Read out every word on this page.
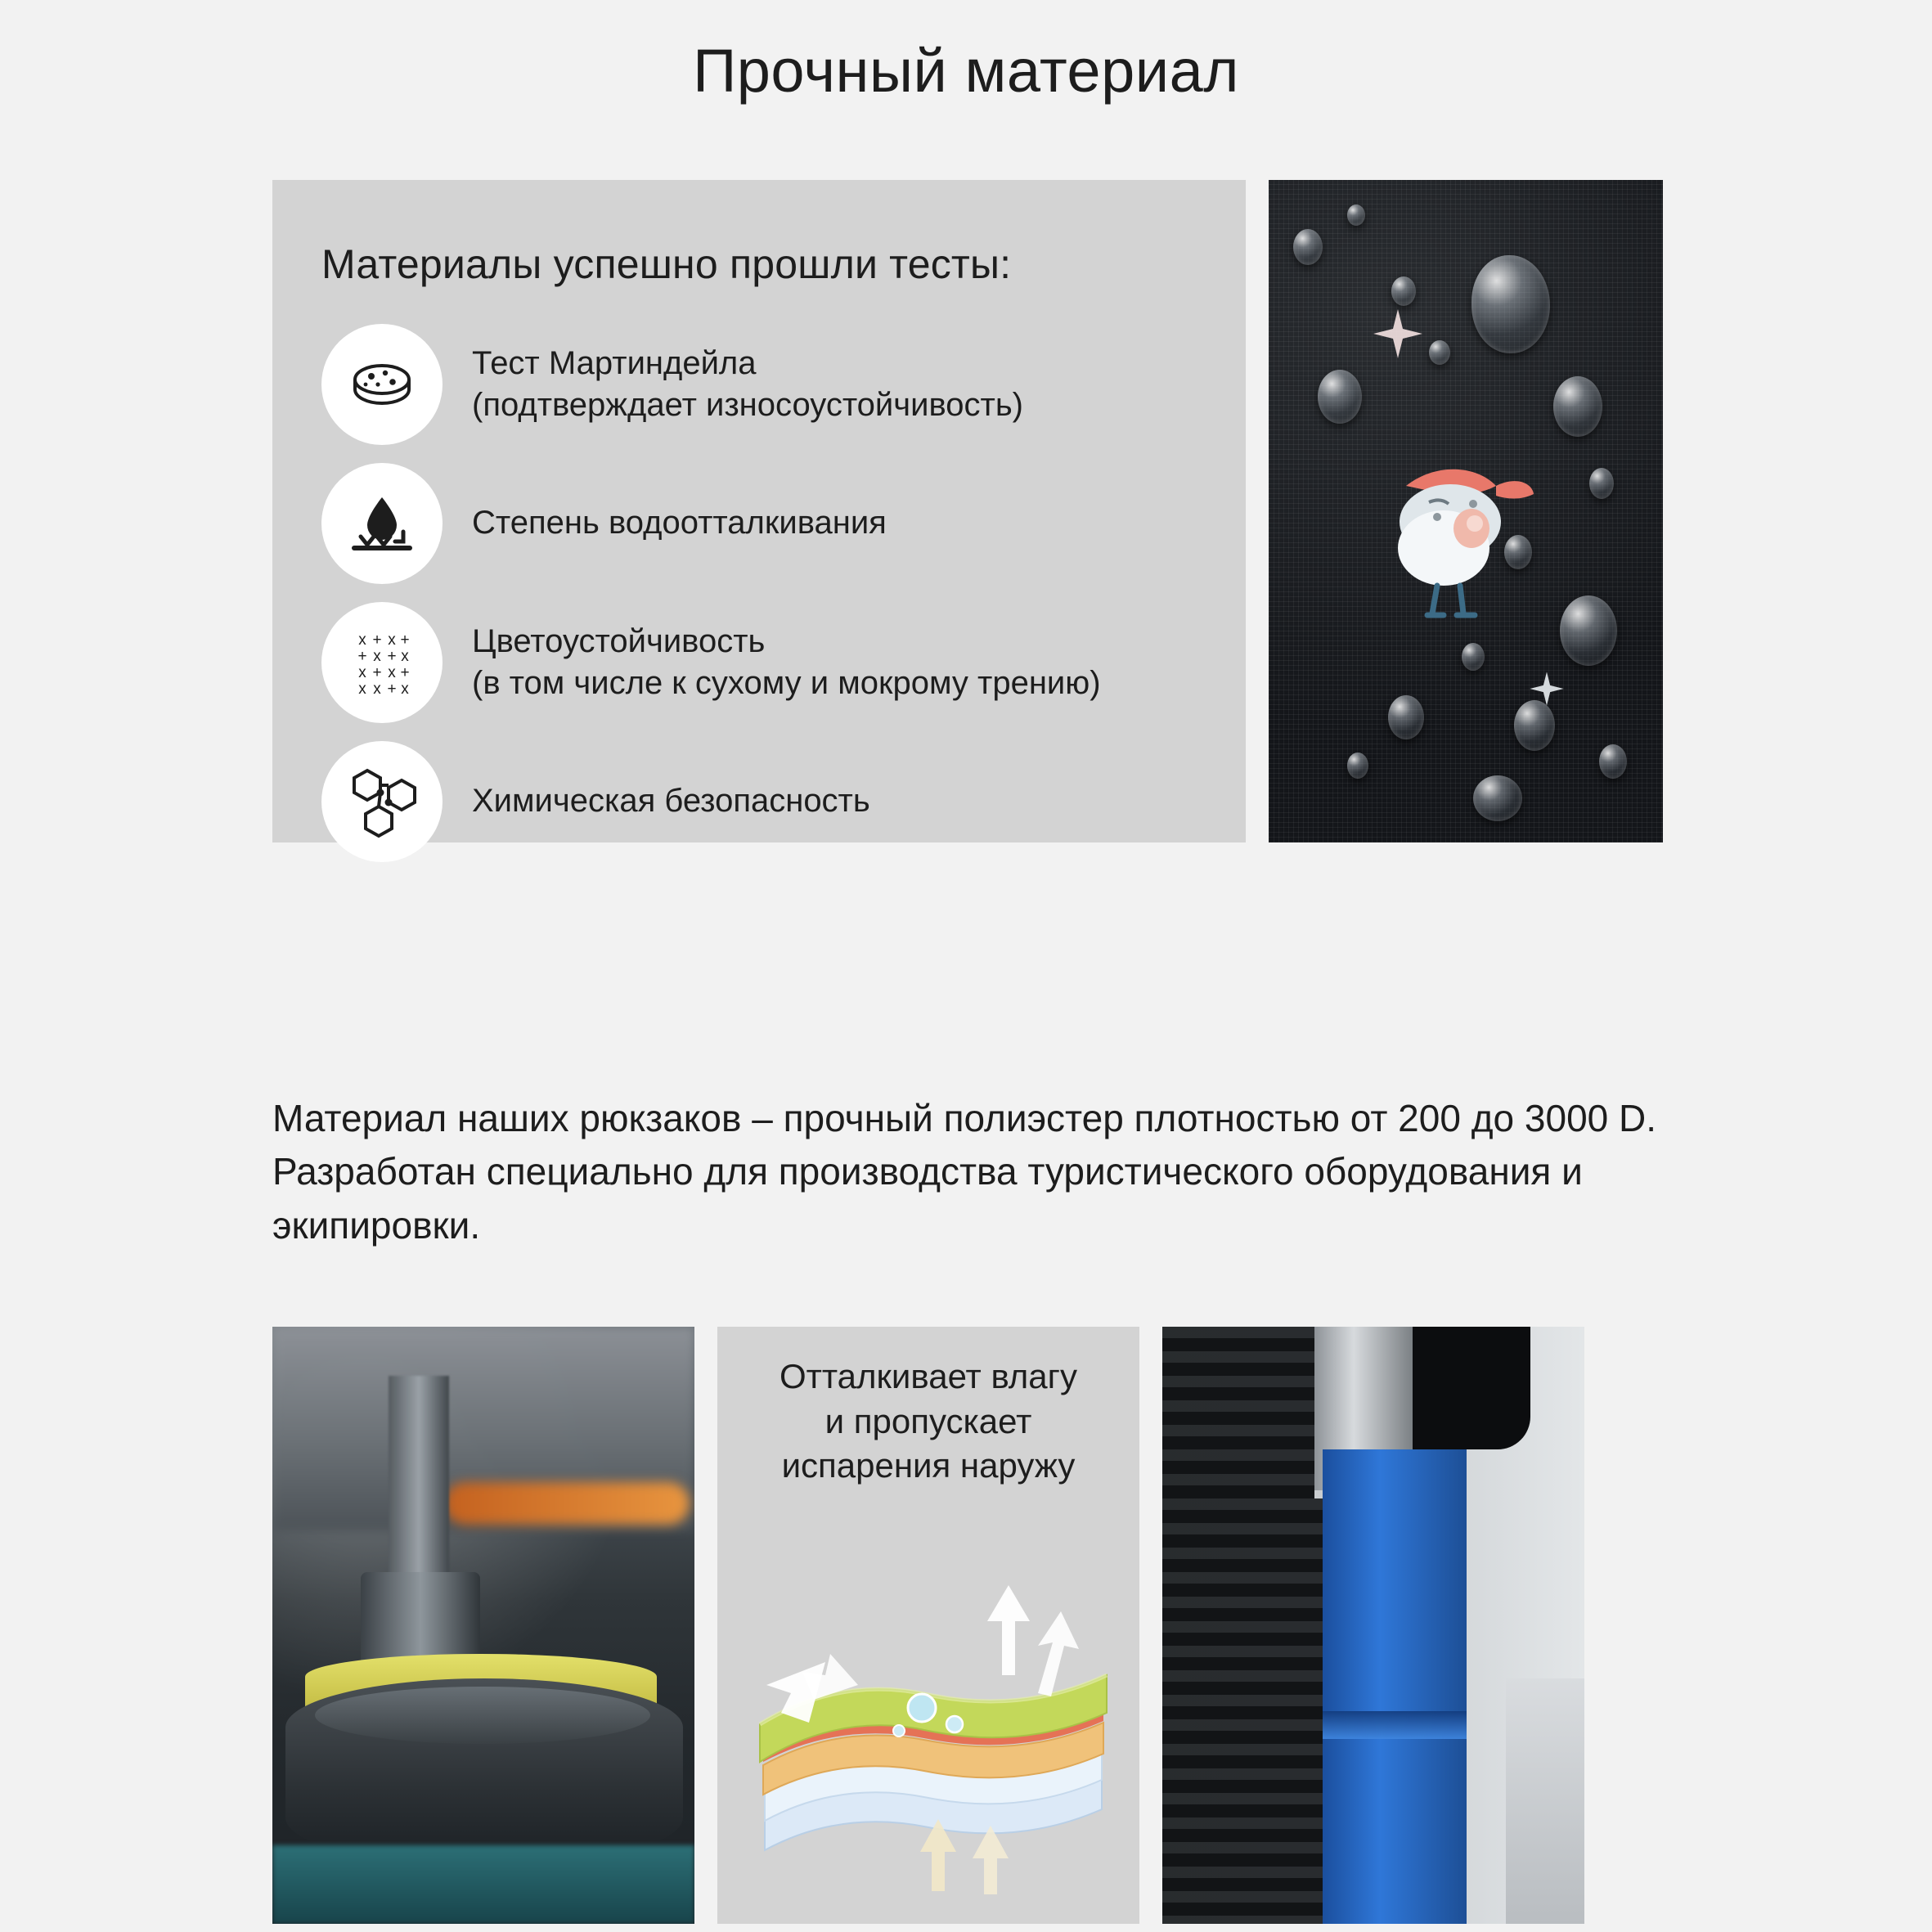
Прочный материал
Материалы успешно прошли тесты:
Тест Мартиндейла
(подтверждает износоустойчивость)
Степень водоотталкивания
х + х +
+ х + х
х + х +
х х + х
Цветоустойчивость
(в том числе к сухому и мокрому трению)
Химическая безопасность

Материал наших рюкзаков – прочный полиэстер плотностью от 200 до 3000 D. Разработан специально для производства туристического оборудования и экипировки.

Отталкивает влагу
и пропускает
испарения наружу
